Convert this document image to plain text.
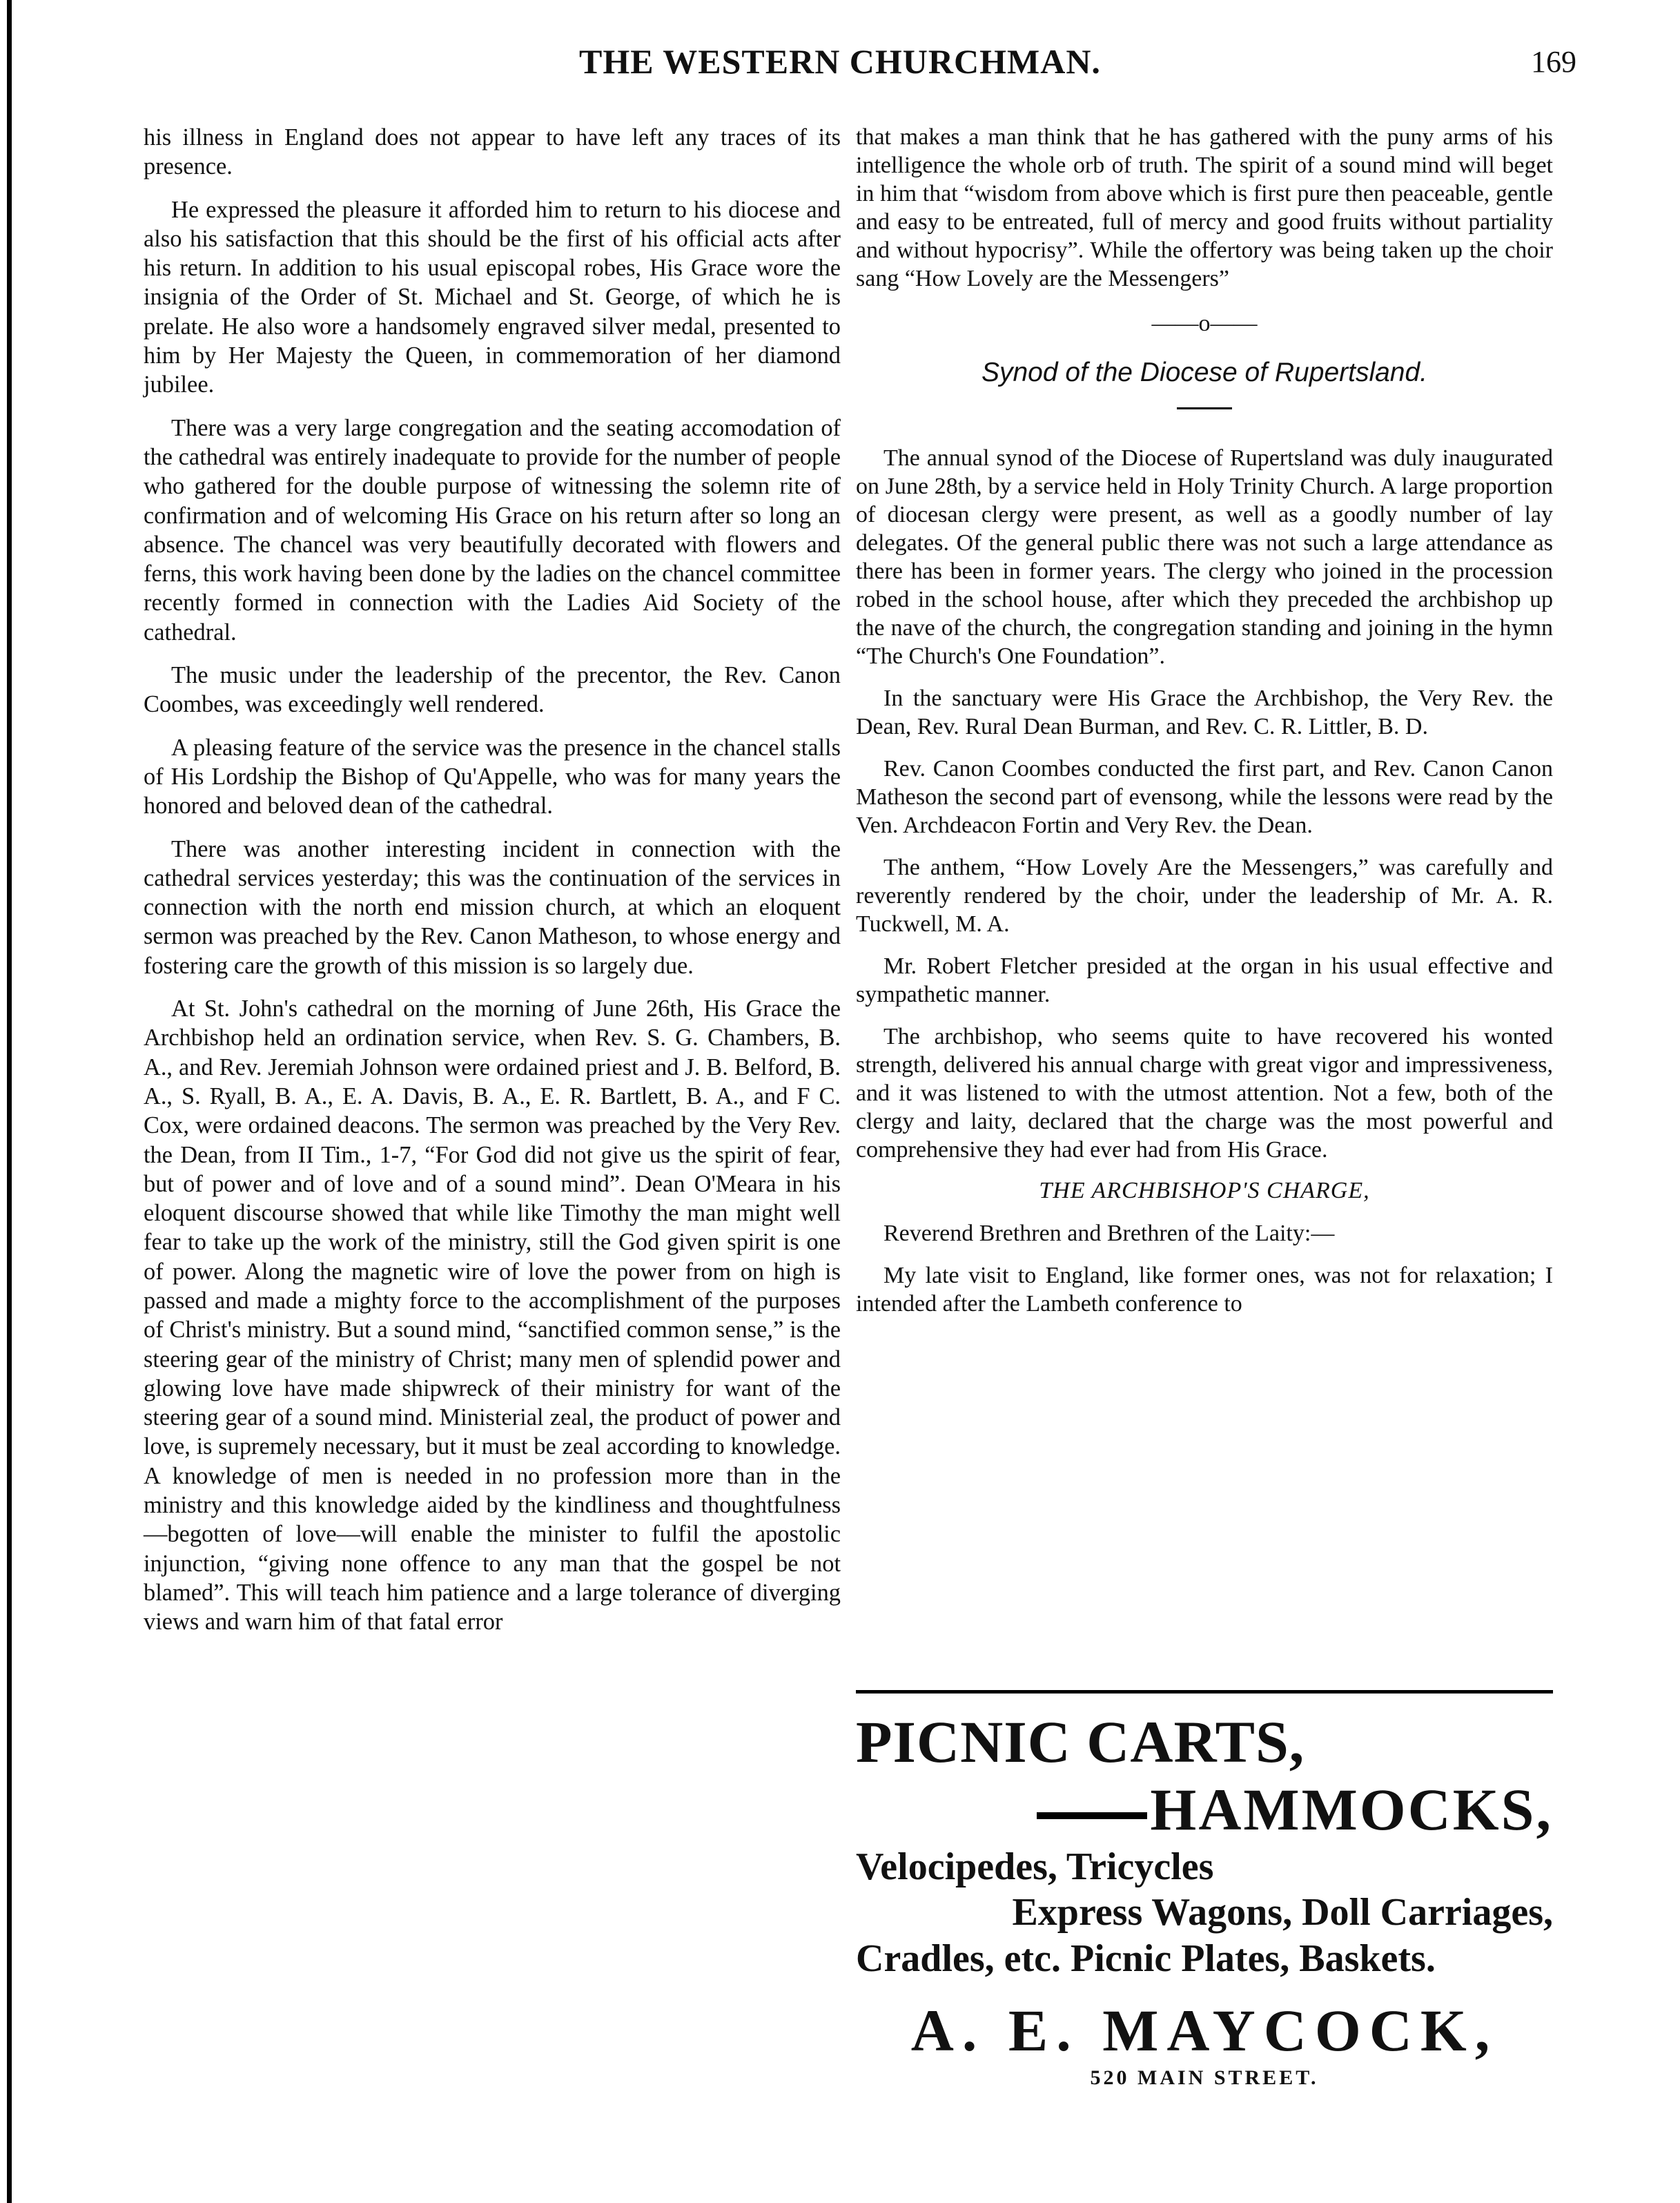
THE WESTERN CHURCHMAN.	169

his illness in England does not appear to have left any traces of its presence.

He expressed the pleasure it afforded him to return to his diocese and also his satisfaction that this should be the first of his official acts after his return. In addition to his usual episcopal robes, His Grace wore the insignia of the Order of St. Michael and St. George, of which he is prelate. He also wore a handsomely engraved silver medal, presented to him by Her Majesty the Queen, in commemoration of her diamond jubilee.

There was a very large congregation and the seating accomodation of the cathedral was entirely inadequate to provide for the number of people who gathered for the double purpose of witnessing the solemn rite of confirmation and of welcoming His Grace on his return after so long an absence. The chancel was very beautifully decorated with flowers and ferns, this work having been done by the ladies on the chancel committee recently formed in connection with the Ladies Aid Society of the cathedral.

The music under the leadership of the precentor, the Rev. Canon Coombes, was exceedingly well rendered.

A pleasing feature of the service was the presence in the chancel stalls of His Lordship the Bishop of Qu'Appelle, who was for many years the honored and beloved dean of the cathedral.

There was another interesting incident in connection with the cathedral services yesterday; this was the continuation of the services in connection with the north end mission church, at which an eloquent sermon was preached by the Rev. Canon Matheson, to whose energy and fostering care the growth of this mission is so largely due.

At St. John's cathedral on the morning of June 26th, His Grace the Archbishop held an ordination service, when Rev. S. G. Chambers, B. A., and Rev. Jeremiah Johnson were ordained priest and J. B. Belford, B. A., S. Ryall, B. A., E. A. Davis, B. A., E. R. Bartlett, B. A., and F C. Cox, were ordained deacons. The sermon was preached by the Very Rev. the Dean, from II Tim., 1-7, “For God did not give us the spirit of fear, but of power and of love and of a sound mind”. Dean O'Meara in his eloquent discourse showed that while like Timothy the man might well fear to take up the work of the ministry, still the God given spirit is one of power. Along the magnetic wire of love the power from on high is passed and made a mighty force to the accomplishment of the purposes of Christ's ministry. But a sound mind, “sanctified common sense,” is the steering gear of the ministry of Christ; many men of splendid power and glowing love have made shipwreck of their ministry for want of the steering gear of a sound mind. Ministerial zeal, the product of power and love, is supremely necessary, but it must be zeal according to knowledge. A knowledge of men is needed in no profession more than in the ministry and this knowledge aided by the kindliness and thoughtfulness—begotten of love—will enable the minister to fulfil the apostolic injunction, “giving none offence to any man that the gospel be not blamed”. This will teach him patience and a large tolerance of diverging views and warn him of that fatal error

that makes a man think that he has gathered with the puny arms of his intelligence the whole orb of truth. The spirit of a sound mind will beget in him that “wisdom from above which is first pure then peaceable, gentle and easy to be entreated, full of mercy and good fruits without partiality and without hypocrisy”. While the offertory was being taken up the choir sang “How Lovely are the Messengers”

——o——
Synod of the Diocese of Rupertsland.

The annual synod of the Diocese of Rupertsland was duly inaugurated on June 28th, by a service held in Holy Trinity Church. A large proportion of diocesan clergy were present, as well as a goodly number of lay delegates. Of the general public there was not such a large attendance as there has been in former years. The clergy who joined in the procession robed in the school house, after which they preceded the archbishop up the nave of the church, the congregation standing and joining in the hymn “The Church's One Foundation”.

In the sanctuary were His Grace the Archbishop, the Very Rev. the Dean, Rev. Rural Dean Burman, and Rev. C. R. Littler, B. D.

Rev. Canon Coombes conducted the first part, and Rev. Canon Canon Matheson the second part of evensong, while the lessons were read by the Ven. Archdeacon Fortin and Very Rev. the Dean.

The anthem, “How Lovely Are the Messengers,” was carefully and reverently rendered by the choir, under the leadership of Mr. A. R. Tuckwell, M. A.

Mr. Robert Fletcher presided at the organ in his usual effective and sympathetic manner.

The archbishop, who seems quite to have recovered his wonted strength, delivered his annual charge with great vigor and impressiveness, and it was listened to with the utmost attention. Not a few, both of the clergy and laity, declared that the charge was the most powerful and comprehensive they had ever had from His Grace.

THE ARCHBISHOP'S CHARGE,

Reverend Brethren and Brethren of the Laity:—

My late visit to England, like former ones, was not for relaxation; I intended after the Lambeth conference to

PICNIC CARTS,
HAMMOCKS,
Velocipedes, Tricycles
Express Wagons, Doll Carriages,
Cradles, etc. Picnic Plates, Baskets.
A. E. MAYCOCK,
520 MAIN STREET.
